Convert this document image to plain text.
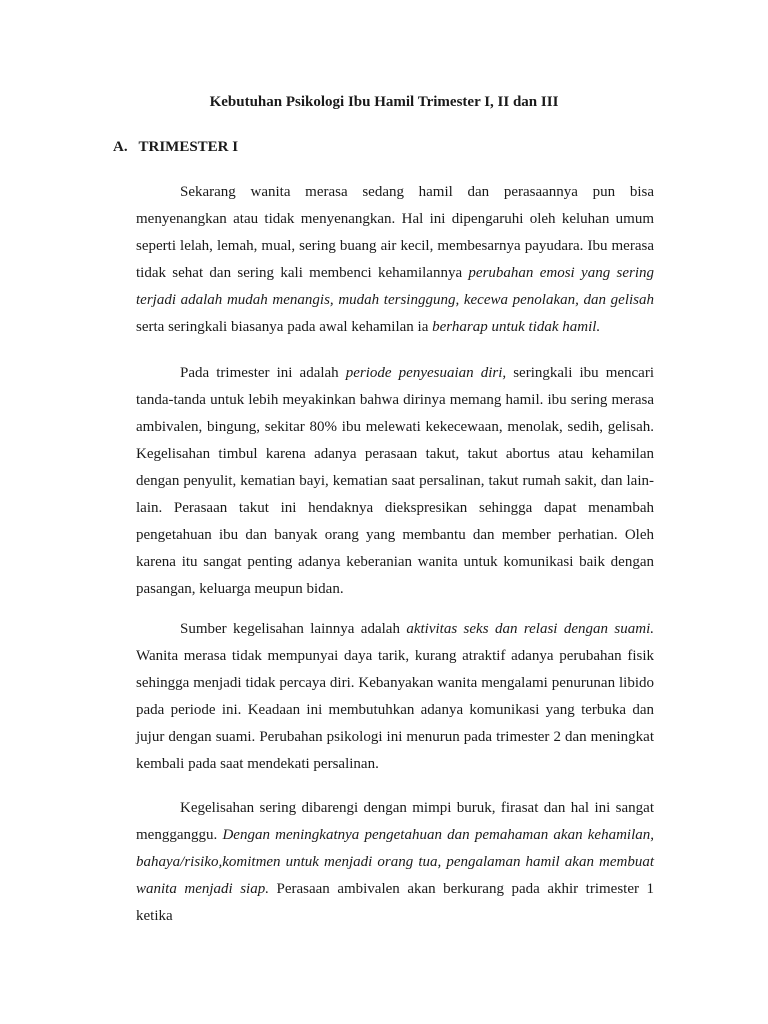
Kebutuhan Psikologi Ibu Hamil Trimester I, II dan III
A. TRIMESTER I

Sekarang wanita merasa sedang hamil dan perasaannya pun bisa menyenangkan atau tidak menyenangkan. Hal ini dipengaruhi oleh keluhan umum seperti lelah, lemah, mual, sering buang air kecil, membesarnya payudara. Ibu merasa tidak sehat dan sering kali membenci kehamilannya perubahan emosi yang sering terjadi adalah mudah menangis, mudah tersinggung, kecewa penolakan, dan gelisah serta seringkali biasanya pada awal kehamilan ia berharap untuk tidak hamil.

Pada trimester ini adalah periode penyesuaian diri, seringkali ibu mencari tanda-tanda untuk lebih meyakinkan bahwa dirinya memang hamil. ibu sering merasa ambivalen, bingung, sekitar 80% ibu melewati kekecewaan, menolak, sedih, gelisah. Kegelisahan timbul karena adanya perasaan takut, takut abortus atau kehamilan dengan penyulit, kematian bayi, kematian saat persalinan, takut rumah sakit, dan lain-lain. Perasaan takut ini hendaknya diekspresikan sehingga dapat menambah pengetahuan ibu dan banyak orang yang membantu dan member perhatian. Oleh karena itu sangat penting adanya keberanian wanita untuk komunikasi baik dengan pasangan, keluarga meupun bidan.

Sumber kegelisahan lainnya adalah aktivitas seks dan relasi dengan suami. Wanita merasa tidak mempunyai daya tarik, kurang atraktif adanya perubahan fisik sehingga menjadi tidak percaya diri. Kebanyakan wanita mengalami penurunan libido pada periode ini. Keadaan ini membutuhkan adanya komunikasi yang terbuka dan jujur dengan suami. Perubahan psikologi ini menurun pada trimester 2 dan meningkat kembali pada saat mendekati persalinan.

Kegelisahan sering dibarengi dengan mimpi buruk, firasat dan hal ini sangat mengganggu. Dengan meningkatnya pengetahuan dan pemahaman akan kehamilan, bahaya/risiko,komitmen untuk menjadi orang tua, pengalaman hamil akan membuat wanita menjadi siap. Perasaan ambivalen akan berkurang pada akhir trimester 1 ketika
